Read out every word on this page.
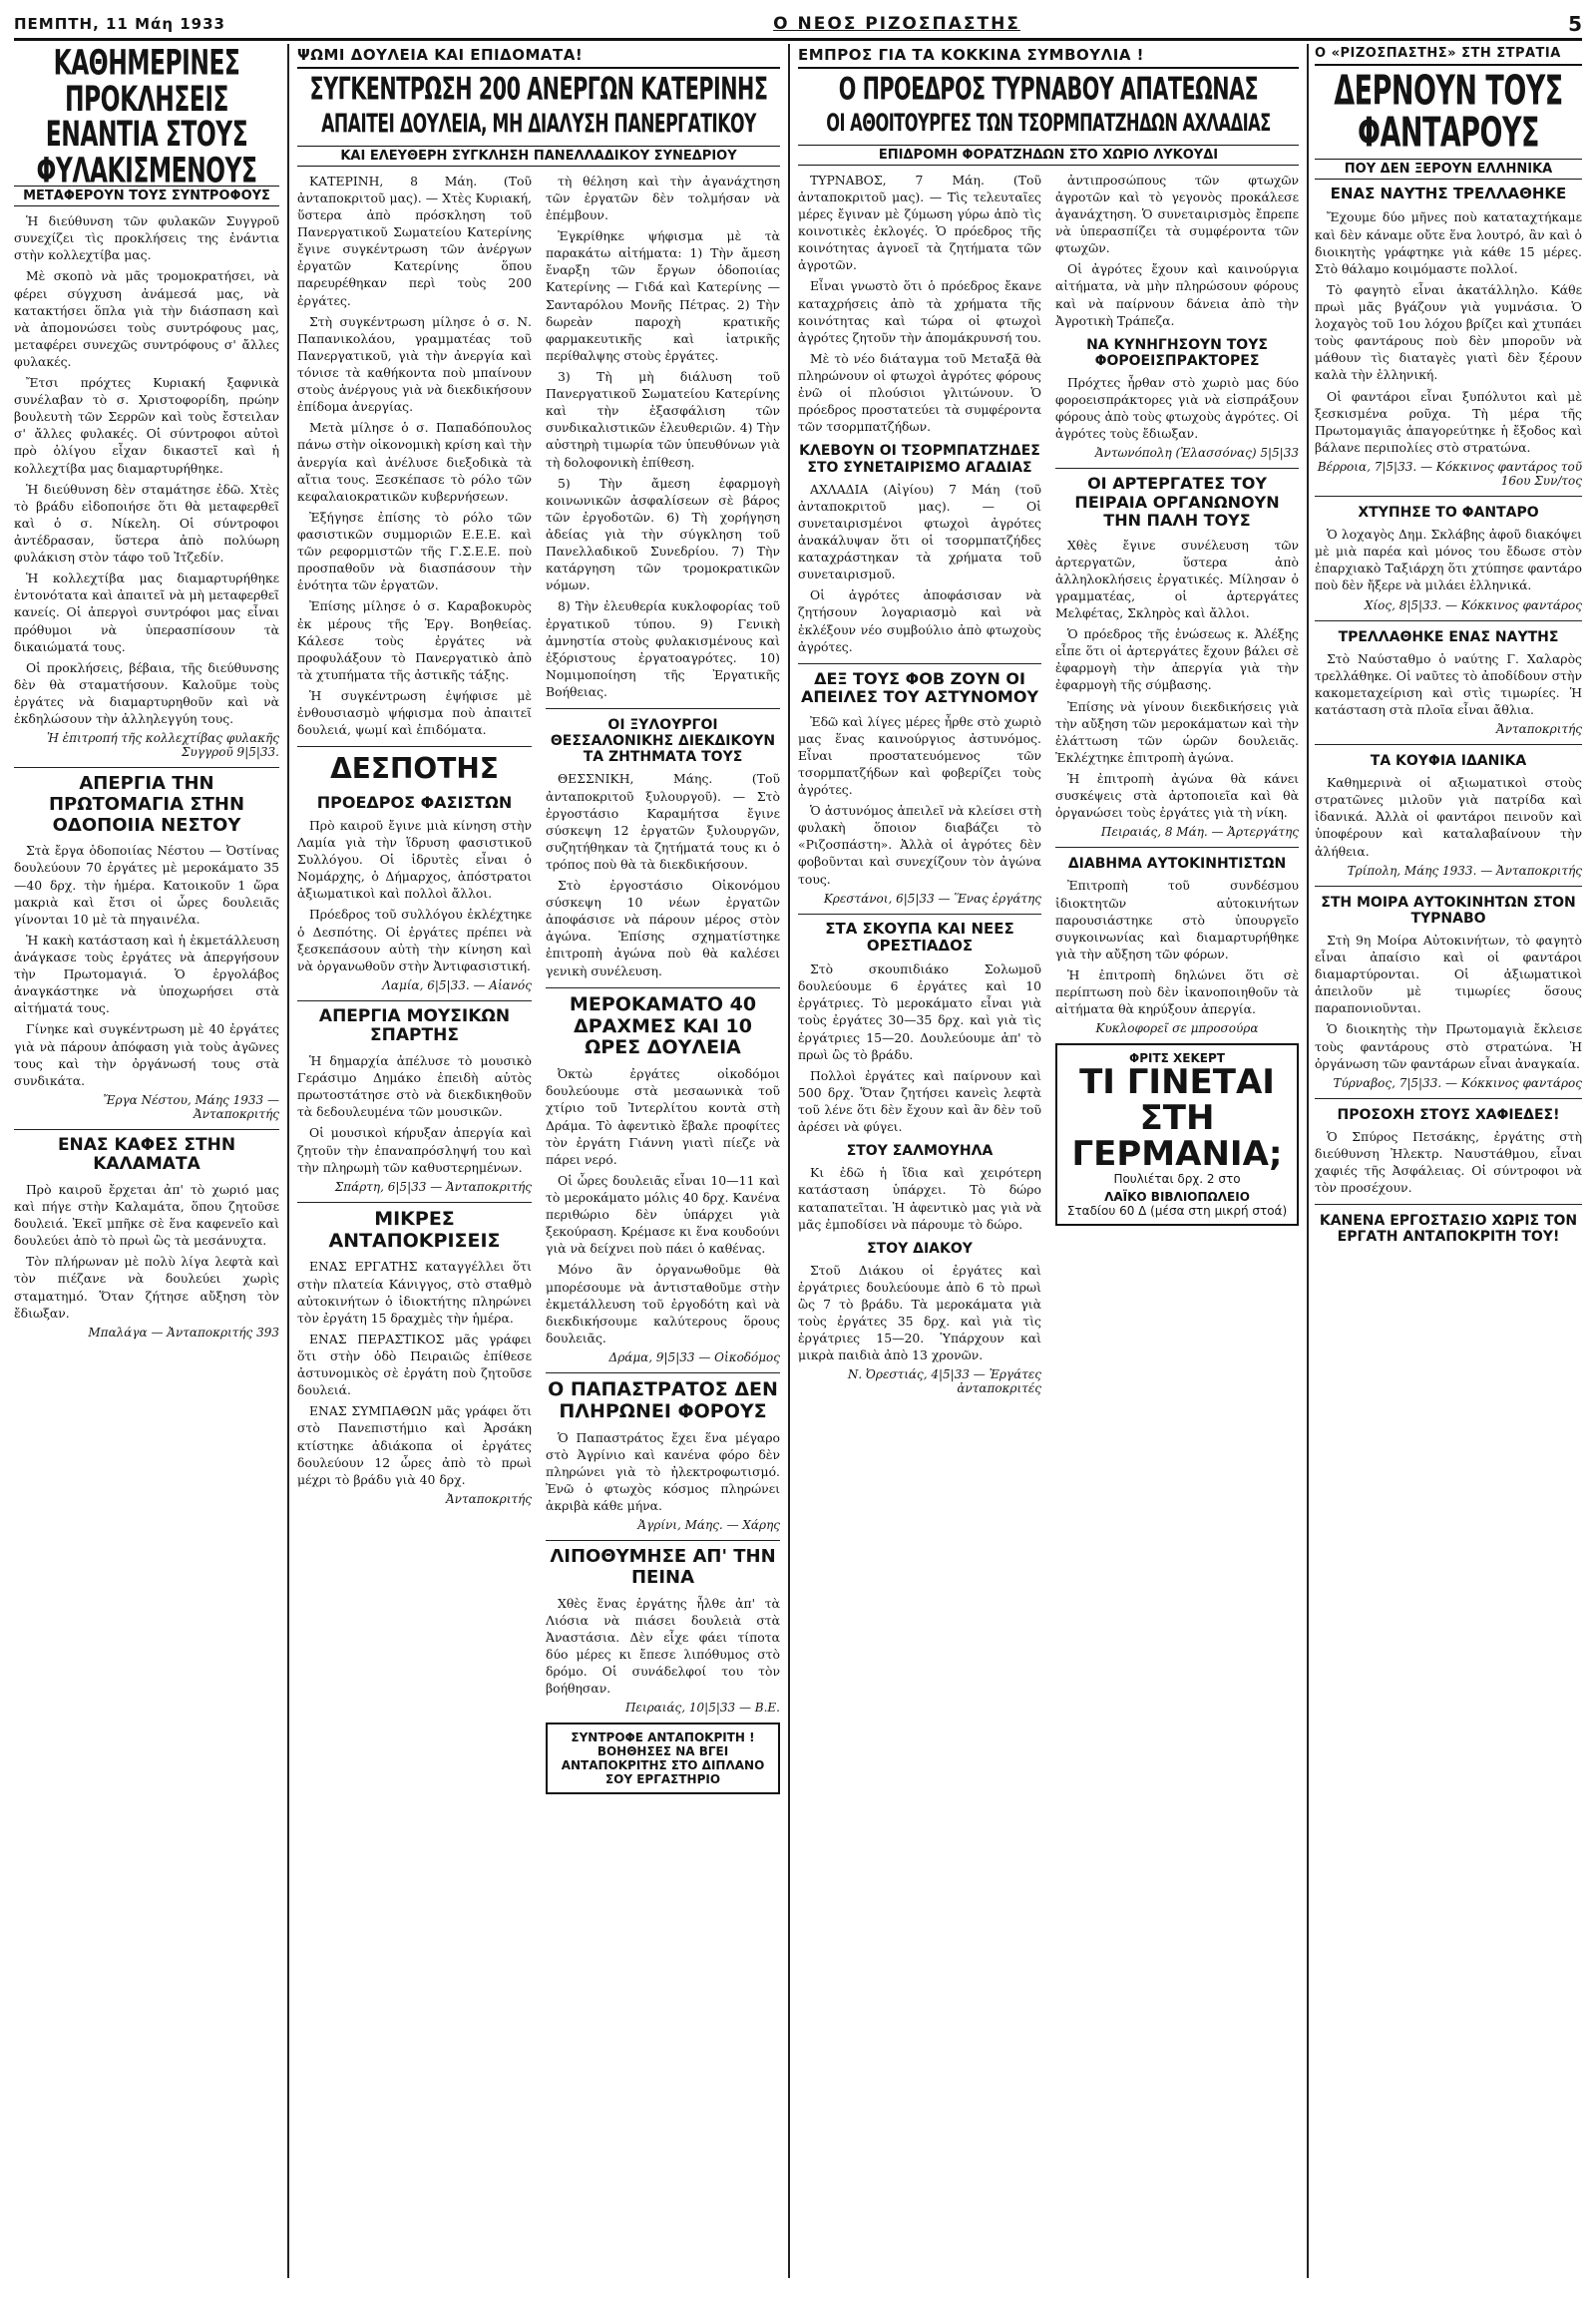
ΠΕΜΠΤΗ, 11 Μάη 1933	Ο ΝΕΟΣ ΡΙΖΟΣΠΑΣΤΗΣ	5
ΚΑΘΗΜΕΡΙΝΕΣ ΠΡΟΚΛΗΣΕΙΣ ΕΝΑΝΤΙΑ ΣΤΟΥΣ ΦΥΛΑΚΙΣΜΕΝΟΥΣ
ΜΕΤΑΦΕΡΟΥΝ ΤΟΥΣ ΣΥΝΤΡΟΦΟΥΣ

Ἡ διεύθυνση τῶν φυλακῶν Συγγροῦ συνεχίζει τὶς προκλήσεις της ἐνάντια στὴν κολλεχτίβα μας.

Μὲ σκοπὸ νὰ μᾶς τρομοκρατήσει, νὰ φέρει σύγχυση ἀνάμεσά μας, νὰ κατακτήσει ὅπλα γιὰ τὴν διάσπαση καὶ νὰ ἀπομονώσει τοὺς συντρόφους μας, μεταφέρει συνεχῶς συντρόφους σ' ἄλλες φυλακές.

Ἔτσι πρόχτες Κυριακή ξαφνικὰ συνέλαβαν τὸ σ. Χριστοφορίδη, πρώην βουλευτὴ τῶν Σερρῶν καὶ τοὺς ἔστειλαν σ' ἄλλες φυλακές. Οἱ σύντροφοι αὐτοὶ πρὸ ὀλίγου εἶχαν δικαστεῖ καὶ ἡ κολλεχτίβα μας διαμαρτυρήθηκε.

Ἡ διεύθυνση δὲν σταμάτησε ἐδῶ. Χτὲς τὸ βράδυ εἰδοποιήσε ὅτι θὰ μεταφερθεῖ καὶ ὁ σ. Νίκελη. Οἱ σύντροφοι ἀντέδρασαν, ὕστερα ἀπὸ πολύωρη φυλάκιση στὸν τάφο τοῦ Ἰτζεδίν.

Ἡ κολλεχτίβα μας διαμαρτυρήθηκε ἐντονότατα καὶ ἀπαιτεῖ νὰ μὴ μεταφερθεῖ κανείς. Οἱ ἀπεργοὶ συντρόφοι μας εἶναι πρόθυμοι νὰ ὑπερασπίσουν τὰ δικαιώματά τους.

Οἱ προκλήσεις, βέβαια, τῆς διεύθυνσης δὲν θὰ σταματήσουν. Καλοῦμε τοὺς ἐργάτες νὰ διαμαρτυρηθοῦν καὶ νὰ ἐκδηλώσουν τὴν ἀλληλεγγύη τους.

Ἡ ἐπιτροπή τῆς κολλεχτίβας φυλακῆς Συγγροῦ 9|5|33.
ΑΠΕΡΓΙΑ ΤΗΝ ΠΡΩΤΟΜΑΓΙΑ ΣΤΗΝ ΟΔΟΠΟΙΙΑ ΝΕΣΤΟΥ

Στὰ ἔργα ὁδοποιίας Νέστου — Ὀστίνας δουλεύουν 70 ἐργάτες μὲ μεροκάματο 35—40 δρχ. τὴν ἡμέρα. Κατοικοῦν 1 ὥρα μακριὰ καὶ ἔτσι οἱ ὧρες δουλειᾶς γίνονται 10 μὲ τὰ πηγαινέλα.

Ἡ κακὴ κατάσταση καὶ ἡ ἐκμετάλλευση ἀνάγκασε τοὺς ἐργάτες νὰ ἀπεργήσουν τὴν Πρωτομαγιά. Ὁ ἐργολάβος ἀναγκάστηκε νὰ ὑποχωρήσει στὰ αἰτήματά τους.

Γίνηκε καὶ συγκέντρωση μὲ 40 ἐργάτες γιὰ νὰ πάρουν ἀπόφαση γιὰ τοὺς ἀγῶνες τους καὶ τὴν ὀργάνωσή τους στὰ συνδικάτα.

Ἔργα Νέστου, Μάης 1933 — Ἀνταποκριτής
ΕΝΑΣ ΚΑΦΕΣ ΣΤΗΝ ΚΑΛΑΜΑΤΑ

Πρὸ καιροῦ ἔρχεται ἀπ' τὸ χωριό μας καὶ πήγε στὴν Καλαμάτα, ὅπου ζητοῦσε δουλειά. Ἐκεῖ μπῆκε σὲ ἕνα καφενεῖο καὶ δουλεύει ἀπὸ τὸ πρωὶ ὣς τὰ μεσάνυχτα.

Τὸν πλήρωναν μὲ πολὺ λίγα λεφτὰ καὶ τὸν πιέζανε νὰ δουλεύει χωρὶς σταματημό. Ὅταν ζήτησε αὔξηση τὸν ἔδιωξαν.

Μπαλάγα — Ἀνταποκριτής 393
ΨΩΜΙ ΔΟΥΛΕΙΑ ΚΑΙ ΕΠΙΔΟΜΑΤΑ!
ΣΥΓΚΕΝΤΡΩΣΗ 200 ΑΝΕΡΓΩΝ ΚΑΤΕΡΙΝΗΣ
ΑΠΑΙΤΕΙ ΔΟΥΛΕΙΑ, ΜΗ ΔΙΑΛΥΣΗ ΠΑΝΕΡΓΑΤΙΚΟΥ
ΚΑΙ ΕΛΕΥΘΕΡΗ ΣΥΓΚΛΗΣΗ ΠΑΝΕΛΛΑΔΙΚΟΥ ΣΥΝΕΔΡΙΟΥ

ΚΑΤΕΡΙΝΗ, 8 Μάη. (Τοῦ ἀνταποκριτοῦ μας). — Χτὲς Κυριακή, ὕστερα ἀπὸ πρόσκληση τοῦ Πανεργατικοῦ Σωματείου Κατερίνης ἔγινε συγκέντρωση τῶν ἀνέργων ἐργατῶν Κατερίνης ὅπου παρευρέθηκαν περὶ τοὺς 200 ἐργάτες.

Στὴ συγκέντρωση μίλησε ὁ σ. Ν. Παπανικολάου, γραμματέας τοῦ Πανεργατικοῦ, γιὰ τὴν ἀνεργία καὶ τόνισε τὰ καθήκοντα ποὺ μπαίνουν στοὺς ἀνέργους γιὰ νὰ διεκδικήσουν ἐπίδομα ἀνεργίας.

Μετὰ μίλησε ὁ σ. Παπαδόπουλος πάνω στὴν οἰκονομικὴ κρίση καὶ τὴν ἀνεργία καὶ ἀνέλυσε διεξοδικὰ τὰ αἴτια τους. Ξεσκέπασε τὸ ρόλο τῶν κεφαλαιοκρατικῶν κυβερνήσεων.

Ἐξήγησε ἐπίσης τὸ ρόλο τῶν φασιστικῶν συμμοριῶν Ε.Ε.Ε. καὶ τῶν ρεφορμιστῶν τῆς Γ.Σ.Ε.Ε. ποὺ προσπαθοῦν νὰ διασπάσουν τὴν ἑνότητα τῶν ἐργατῶν.

Ἐπίσης μίλησε ὁ σ. Καραβοκυρὸς ἐκ μέρους τῆς Ἐργ. Βοηθείας. Κάλεσε τοὺς ἐργάτες νὰ προφυλάξουν τὸ Πανεργατικὸ ἀπὸ τὰ χτυπήματα τῆς ἀστικῆς τάξης.

Ἡ συγκέντρωση ἐψήφισε μὲ ἐνθουσιασμὸ ψήφισμα ποὺ ἀπαιτεῖ δουλειά, ψωμί καὶ ἐπιδόματα.

ΔΕΣΠΟΤΗΣ
ΠΡΟΕΔΡΟΣ ΦΑΣΙΣΤΩΝ

Πρὸ καιροῦ ἔγινε μιὰ κίνηση στὴν Λαμία γιὰ τὴν ἵδρυση φασιστικοῦ Συλλόγου. Οἱ ἱδρυτὲς εἶναι ὁ Νομάρχης, ὁ Δήμαρχος, ἀπόστρατοι ἀξιωματικοὶ καὶ πολλοὶ ἄλλοι.

Πρόεδρος τοῦ συλλόγου ἐκλέχτηκε ὁ Δεσπότης. Οἱ ἐργάτες πρέπει νὰ ξεσκεπάσουν αὐτὴ τὴν κίνηση καὶ νὰ ὀργανωθοῦν στὴν Ἀντιφασιστική.

Λαμία, 6|5|33. — Αἰανός
ΑΠΕΡΓΙΑ ΜΟΥΣΙΚΩΝ ΣΠΑΡΤΗΣ

Ἡ δημαρχία ἀπέλυσε τὸ μουσικὸ Γεράσιμο Δημάκο ἐπειδὴ αὐτὸς πρωτοστάτησε στὸ νὰ διεκδικηθοῦν τὰ δεδουλευμένα τῶν μουσικῶν.

Οἱ μουσικοὶ κήρυξαν ἀπεργία καὶ ζητοῦν τὴν ἐπαναπρόσληψή του καὶ τὴν πληρωμὴ τῶν καθυστερημένων.

Σπάρτη, 6|5|33 — Ἀνταποκριτής
ΜΙΚΡΕΣ ΑΝΤΑΠΟΚΡΙΣΕΙΣ

ΕΝΑΣ ΕΡΓΑΤΗΣ καταγγέλλει ὅτι στὴν πλατεία Κάνιγγος, στὸ σταθμὸ αὐτοκινήτων ὁ ἰδιοκτήτης πληρώνει τὸν ἐργάτη 15 δραχμὲς τὴν ἡμέρα.

ΕΝΑΣ ΠΕΡΑΣΤΙΚΟΣ μᾶς γράφει ὅτι στὴν ὁδὸ Πειραιῶς ἐπίθεσε ἀστυνομικὸς σὲ ἐργάτη ποὺ ζητοῦσε δουλειά.

ΕΝΑΣ ΣΥΜΠΑΘΩΝ μᾶς γράφει ὅτι στὸ Πανεπιστήμιο καὶ Ἀρσάκη κτίστηκε ἀδιάκοπα οἱ ἐργάτες δουλεύουν 12 ὧρες ἀπὸ τὸ πρωὶ μέχρι τὸ βράδυ γιὰ 40 δρχ.

Ἀνταποκριτής

τὴ θέληση καὶ τὴν ἀγανάχτηση τῶν ἐργατῶν δὲν τολμήσαν νὰ ἐπέμβουν.

Ἐγκρίθηκε ψήφισμα μὲ τὰ παρακάτω αἰτήματα: 1) Τὴν ἄμεση ἔναρξη τῶν ἔργων ὁδοποιίας Κατερίνης — Γιδά καὶ Κατερίνης — Σανταρόλου Μονῆς Πέτρας. 2) Τὴν δωρεὰν παροχὴ κρατικῆς φαρμακευτικῆς καὶ ἰατρικῆς περίθαλψης στοὺς ἐργάτες.

3) Τὴ μὴ διάλυση τοῦ Πανεργατικοῦ Σωματείου Κατερίνης καὶ τὴν ἐξασφάλιση τῶν συνδικαλιστικῶν ἐλευθεριῶν. 4) Τὴν αὐστηρὴ τιμωρία τῶν ὑπευθύνων γιὰ τὴ δολοφονικὴ ἐπίθεση.

5) Τὴν ἄμεση ἐφαρμογὴ κοινωνικῶν ἀσφαλίσεων σὲ βάρος τῶν ἐργοδοτῶν. 6) Τὴ χορήγηση ἀδείας γιὰ τὴν σύγκληση τοῦ Πανελλαδικοῦ Συνεδρίου. 7) Τὴν κατάργηση τῶν τρομοκρατικῶν νόμων.

8) Τὴν ἐλευθερία κυκλοφορίας τοῦ ἐργατικοῦ τύπου. 9) Γενικὴ ἀμνηστία στοὺς φυλακισμένους καὶ ἐξόριστους ἐργατοαγρότες. 10) Νομιμοποίηση τῆς Ἐργατικῆς Βοήθειας.

ΟΙ ΞΥΛΟΥΡΓΟΙ ΘΕΣΣΑΛΟΝΙΚΗΣ ΔΙΕΚΔΙΚΟΥΝ ΤΑ ΖΗΤΗΜΑΤΑ ΤΟΥΣ

ΘΕΣΣΝΙΚΗ, Μάης. (Τοῦ ἀνταποκριτοῦ ξυλουργοῦ). — Στὸ ἐργοστάσιο Καραμήτσα ἔγινε σύσκεψη 12 ἐργατῶν ξυλουργῶν, συζητήθηκαν τὰ ζητήματά τους κι ὁ τρόπος ποὺ θὰ τὰ διεκδικήσουν.

Στὸ ἐργοστάσιο Οἰκονόμου σύσκεψη 10 νέων ἐργατῶν ἀποφάσισε νὰ πάρουν μέρος στὸν ἀγώνα. Ἐπίσης σχηματίστηκε ἐπιτροπὴ ἀγώνα ποὺ θὰ καλέσει γενικὴ συνέλευση.

ΜΕΡΟΚΑΜΑΤΟ 40 ΔΡΑΧΜΕΣ ΚΑΙ 10 ΩΡΕΣ ΔΟΥΛΕΙΑ

Ὀκτὼ ἐργάτες οἰκοδόμοι δουλεύουμε στὰ μεσαωνικὰ τοῦ χτίριο τοῦ Ἰντερλίτου κοντὰ στὴ Δράμα. Τὸ ἀφεντικὸ ἔβαλε προφίτες τὸν ἐργάτη Γιάννη γιατὶ πίεζε νὰ πάρει νερό.

Οἱ ὧρες δουλειᾶς εἶναι 10—11 καὶ τὸ μεροκάματο μόλις 40 δρχ. Κανένα περιθώριο δὲν ὑπάρχει γιὰ ξεκούραση. Κρέμασε κι ἕνα κουδούνι γιὰ νὰ δείχνει ποὺ πάει ὁ καθένας.

Μόνο ἂν ὀργανωθοῦμε θὰ μπορέσουμε νὰ ἀντισταθοῦμε στὴν ἐκμετάλλευση τοῦ ἐργοδότη καὶ νὰ διεκδικήσουμε καλύτερους ὅρους δουλειᾶς.

Δράμα, 9|5|33 — Οἰκοδόμος
Ο ΠΑΠΑΣΤΡΑΤΟΣ ΔΕΝ ΠΛΗΡΩΝΕΙ ΦΟΡΟΥΣ

Ὁ Παπαστράτος ἔχει ἕνα μέγαρο στὸ Ἀγρίνιο καὶ κανένα φόρο δὲν πληρώνει γιὰ τὸ ἠλεκτροφωτισμό. Ἐνῶ ὁ φτωχὸς κόσμος πληρώνει ἀκριβὰ κάθε μήνα.

Ἀγρίνι, Μάης. — Χάρης
ΛΙΠΟΘΥΜΗΣΕ ΑΠ' ΤΗΝ ΠΕΙΝΑ

Χθὲς ἕνας ἐργάτης ἦλθε ἀπ' τὰ Λιόσια νὰ πιάσει δουλειὰ στὰ Ἀναστάσια. Δὲν εἶχε φάει τίποτα δύο μέρες κι ἔπεσε λιπόθυμος στὸ δρόμο. Οἱ συνάδελφοί του τὸν βοήθησαν.

Πειραιάς, 10|5|33 — Β.Ε.
ΣΥΝΤΡΟΦΕ ΑΝΤΑΠΟΚΡΙΤΗ ! ΒΟΗΘΗΣΕΣ ΝΑ ΒΓΕΙ ΑΝΤΑΠΟΚΡΙΤΗΣ ΣΤΟ ΔΙΠΛΑΝΟ ΣΟΥ ΕΡΓΑΣΤΗΡΙΟ
ΕΜΠΡΟΣ ΓΙΑ ΤΑ ΚΟΚΚΙΝΑ ΣΥΜΒΟΥΛΙΑ !
Ο ΠΡΟΕΔΡΟΣ ΤΥΡΝΑΒΟΥ ΑΠΑΤΕΩΝΑΣ
ΟΙ ΑΘΟΙΤΟΥΡΓΕΣ ΤΩΝ ΤΣΟΡΜΠΑΤΖΗΔΩΝ ΑΧΛΑΔΙΑΣ
ΕΠΙΔΡΟΜΗ ΦΟΡΑΤΖΗΔΩΝ ΣΤΟ ΧΩΡΙΟ ΛΥΚΟΥΔΙ

ΤΥΡΝΑΒΟΣ, 7 Μάη. (Τοῦ ἀνταποκριτοῦ μας). — Τὶς τελευταῖες μέρες ἔγιναν μὲ ζύμωση γύρω ἀπὸ τὶς κοινοτικὲς ἐκλογές. Ὁ πρόεδρος τῆς κοινότητας ἀγνοεῖ τὰ ζητήματα τῶν ἀγροτῶν.

Εἶναι γνωστὸ ὅτι ὁ πρόεδρος ἔκανε καταχρήσεις ἀπὸ τὰ χρήματα τῆς κοινότητας καὶ τώρα οἱ φτωχοὶ ἀγρότες ζητοῦν τὴν ἀπομάκρυνσή του.

Μὲ τὸ νέο διάταγμα τοῦ Μεταξᾶ θὰ πληρώνουν οἱ φτωχοὶ ἀγρότες φόρους ἐνῶ οἱ πλούσιοι γλιτώνουν. Ὁ πρόεδρος προστατεύει τὰ συμφέροντα τῶν τσορμπατζήδων.

ΚΛΕΒΟΥΝ ΟΙ ΤΣΟΡΜΠΑΤΖΗΔΕΣ ΣΤΟ ΣΥΝΕΤΑΙΡΙΣΜΟ ΑΓΑΔΙΑΣ

ΑΧΛΑΔΙΑ (Αἰγίου) 7 Μάη (τοῦ ἀνταποκριτοῦ μας). — Οἱ συνεταιρισμένοι φτωχοὶ ἀγρότες ἀνακάλυψαν ὅτι οἱ τσορμπατζήδες καταχράστηκαν τὰ χρήματα τοῦ συνεταιρισμοῦ.

Οἱ ἀγρότες ἀποφάσισαν νὰ ζητήσουν λογαριασμὸ καὶ νὰ ἐκλέξουν νέο συμβούλιο ἀπὸ φτωχοὺς ἀγρότες.

ΔΕΞ ΤΟΥΣ ΦΟΒ ΖΟΥΝ ΟΙ ΑΠΕΙΛΕΣ ΤΟΥ ΑΣΤΥΝΟΜΟΥ

Ἐδῶ καὶ λίγες μέρες ἦρθε στὸ χωριὸ μας ἕνας καινούργιος ἀστυνόμος. Εἶναι προστατευόμενος τῶν τσορμπατζήδων καὶ φοβερίζει τοὺς ἀγρότες.

Ὁ ἀστυνόμος ἀπειλεῖ νὰ κλείσει στὴ φυλακὴ ὅποιον διαβάζει τὸ «Ριζοσπάστη». Ἀλλὰ οἱ ἀγρότες δὲν φοβοῦνται καὶ συνεχίζουν τὸν ἀγώνα τους.

Κρεστάνοι, 6|5|33 — Ἕνας ἐργάτης
ΣΤΑ ΣΚΟΥΠΑ ΚΑΙ ΝΕΕΣ ΟΡΕΣΤΙΑΔΟΣ

Στὸ σκουπιδιάκο Σολωμοῦ δουλεύουμε 6 ἐργάτες καὶ 10 ἐργάτριες. Τὸ μεροκάματο εἶναι γιὰ τοὺς ἐργάτες 30—35 δρχ. καὶ γιὰ τὶς ἐργάτριες 15—20. Δουλεύουμε ἀπ' τὸ πρωὶ ὣς τὸ βράδυ.

Πολλοὶ ἐργάτες καὶ παίρνουν καὶ 500 δρχ. Ὅταν ζητήσει κανεὶς λεφτὰ τοῦ λένε ὅτι δὲν ἔχουν καὶ ἂν δὲν τοῦ ἀρέσει νὰ φύγει.

ΣΤΟΥ ΣΑΛΜΟΥΗΛΑ

Κι ἐδῶ ἡ ἴδια καὶ χειρότερη κατάσταση ὑπάρχει. Τὸ δώρο καταπατεῖται. Ἡ ἀφεντικὸ μας γιὰ νὰ μᾶς ἐμποδίσει νὰ πάρουμε τὸ δώρο.

ΣΤΟΥ ΔΙΑΚΟΥ

Στοῦ Διάκου οἱ ἐργάτες καὶ ἐργάτριες δουλεύουμε ἀπὸ 6 τὸ πρωὶ ὣς 7 τὸ βράδυ. Τὰ μεροκάματα γιὰ τοὺς ἐργάτες 35 δρχ. καὶ γιὰ τὶς ἐργάτριες 15—20. Ὑπάρχουν καὶ μικρὰ παιδιὰ ἀπὸ 13 χρονῶν.

Ν. Ὀρεστιάς, 4|5|33 — Ἐργάτες ἀνταποκριτές

ἀντιπροσώπους τῶν φτωχῶν ἀγροτῶν καὶ τὸ γεγονὸς προκάλεσε ἀγανάχτηση. Ὁ συνεταιρισμὸς ἔπρεπε νὰ ὑπερασπίζει τὰ συμφέροντα τῶν φτωχῶν.

Οἱ ἀγρότες ἔχουν καὶ καινούργια αἰτήματα, νὰ μὴν πληρώσουν φόρους καὶ νὰ παίρνουν δάνεια ἀπὸ τὴν Ἀγροτικὴ Τράπεζα.

ΝΑ ΚΥΝΗΓΗΣΟΥΝ ΤΟΥΣ ΦΟΡΟΕΙΣΠΡΑΚΤΟΡΕΣ

Πρόχτες ἦρθαν στὸ χωριὸ μας δύο φοροεισπράκτορες γιὰ νὰ εἰσπράξουν φόρους ἀπὸ τοὺς φτωχοὺς ἀγρότες. Οἱ ἀγρότες τοὺς ἔδιωξαν.

Ἀντωνόπολη (Ἐλασσόνας) 5|5|33
ΟΙ ΑΡΤΕΡΓΑΤΕΣ ΤΟΥ ΠΕΙΡΑΙΑ ΟΡΓΑΝΩΝΟΥΝ ΤΗΝ ΠΑΛΗ ΤΟΥΣ

Χθὲς ἔγινε συνέλευση τῶν ἀρτεργατῶν, ὕστερα ἀπὸ ἀλληλοκλήσεις ἐργατικές. Μίλησαν ὁ γραμματέας, οἱ ἀρτεργάτες Μελφέτας, Σκληρὸς καὶ ἄλλοι.

Ὁ πρόεδρος τῆς ἑνώσεως κ. Ἀλέξης εἶπε ὅτι οἱ ἀρτεργάτες ἔχουν βάλει σὲ ἐφαρμογὴ τὴν ἀπεργία γιὰ τὴν ἐφαρμογὴ τῆς σύμβασης.

Ἐπίσης νὰ γίνουν διεκδικήσεις γιὰ τὴν αὔξηση τῶν μεροκάματων καὶ τὴν ἐλάττωση τῶν ὡρῶν δουλειᾶς. Ἐκλέχτηκε ἐπιτροπὴ ἀγώνα.

Ἡ ἐπιτροπὴ ἀγώνα θὰ κάνει συσκέψεις στὰ ἀρτοποιεῖα καὶ θὰ ὀργανώσει τοὺς ἐργάτες γιὰ τὴ νίκη.

Πειραιάς, 8 Μάη. — Ἀρτεργάτης
ΔΙΑΒΗΜΑ ΑΥΤΟΚΙΝΗΤΙΣΤΩΝ

Ἐπιτροπὴ τοῦ συνδέσμου ἰδιοκτητῶν αὐτοκινήτων παρουσιάστηκε στὸ ὑπουργεῖο συγκοινωνίας καὶ διαμαρτυρήθηκε γιὰ τὴν αὔξηση τῶν φόρων.

Ἡ ἐπιτροπὴ δηλώνει ὅτι σὲ περίπτωση ποὺ δὲν ἱκανοποιηθοῦν τὰ αἰτήματα θὰ κηρύξουν ἀπεργία.

Κυκλοφορεῖ σε μπροσούρα
ΦΡΙΤΣ ΧΕΚΕΡΤ
ΤΙ ΓΙΝΕΤΑΙ ΣΤΗ ΓΕΡΜΑΝΙΑ;
Πουλιέται δρχ. 2 στο
ΛΑΪΚΟ ΒΙΒΛΙΟΠΩΛΕΙΟ
Σταδίου 60 Δ (μέσα στη μικρή στοά)
Ο «ΡΙΖΟΣΠΑΣΤΗΣ» ΣΤΗ ΣΤΡΑΤΙΑ
ΔΕΡΝΟΥΝ ΤΟΥΣ ΦΑΝΤΑΡΟΥΣ
ΠΟΥ ΔΕΝ ΞΕΡΟΥΝ ΕΛΛΗΝΙΚΑ
ΕΝΑΣ ΝΑΥΤΗΣ ΤΡΕΛΛΑΘΗΚΕ

Ἔχουμε δύο μῆνες ποὺ καταταχτήκαμε καὶ δὲν κάναμε οὔτε ἕνα λουτρό, ἂν καὶ ὁ διοικητὴς γράφτηκε γιὰ κάθε 15 μέρες. Στὸ θάλαμο κοιμόμαστε πολλοί.

Τὸ φαγητὸ εἶναι ἀκατάλληλο. Κάθε πρωὶ μᾶς βγάζουν γιὰ γυμνάσια. Ὁ λοχαγὸς τοῦ 1ου λόχου βρίζει καὶ χτυπάει τοὺς φαντάρους ποὺ δὲν μποροῦν νὰ μάθουν τὶς διαταγὲς γιατὶ δὲν ξέρουν καλὰ τὴν ἑλληνική.

Οἱ φαντάροι εἶναι ξυπόλυτοι καὶ μὲ ξεσκισμένα ροῦχα. Τὴ μέρα τῆς Πρωτομαγιᾶς ἀπαγορεύτηκε ἡ ἔξοδος καὶ βάλανε περιπολίες στὸ στρατώνα.

Βέρροια, 7|5|33. — Κόκκινος φαντάρος τοῦ 16ου Συν/τος
ΧΤΥΠΗΣΕ ΤΟ ΦΑΝΤΑΡΟ

Ὁ λοχαγὸς Δημ. Σκλάβης ἀφοῦ διακόψει μὲ μιὰ παρέα καὶ μόνος του ἔδωσε στὸν ἐπαρχιακὸ Ταξιάρχη ὅτι χτύπησε φαντάρο ποὺ δὲν ἤξερε νὰ μιλάει ἑλληνικά.

Χίος, 8|5|33. — Κόκκινος φαντάρος
ΤΡΕΛΛΑΘΗΚΕ ΕΝΑΣ ΝΑΥΤΗΣ

Στὸ Ναύσταθμο ὁ ναύτης Γ. Χαλαρὸς τρελλάθηκε. Οἱ ναῦτες τὸ ἀποδίδουν στὴν κακομεταχείριση καὶ στὶς τιμωρίες. Ἡ κατάσταση στὰ πλοῖα εἶναι ἄθλια.

Ἀνταποκριτής
ΤΑ ΚΟΥΦΙΑ ΙΔΑΝΙΚΑ

Καθημερινὰ οἱ αξιωματικοὶ στοὺς στρατῶνες μιλοῦν γιὰ πατρίδα καὶ ἰδανικά. Ἀλλὰ οἱ φαντάροι πεινοῦν καὶ ὑποφέρουν καὶ καταλαβαίνουν τὴν ἀλήθεια.

Τρίπολη, Μάης 1933. — Ἀνταποκριτής
ΣΤΗ ΜΟΙΡΑ ΑΥΤΟΚΙΝΗΤΩΝ ΣΤΟΝ ΤΥΡΝΑΒΟ

Στὴ 9η Μοίρα Αὐτοκινήτων, τὸ φαγητὸ εἶναι ἀπαίσιο καὶ οἱ φαντάροι διαμαρτύρονται. Οἱ ἀξιωματικοὶ ἀπειλοῦν μὲ τιμωρίες ὅσους παραπονιοῦνται.

Ὁ διοικητὴς τὴν Πρωτομαγιὰ ἔκλεισε τοὺς φαντάρους στὸ στρατώνα. Ἡ ὀργάνωση τῶν φαντάρων εἶναι ἀναγκαία.

Τύρναβος, 7|5|33. — Κόκκινος φαντάρος
ΠΡΟΣΟΧΗ ΣΤΟΥΣ ΧΑΦΙΕΔΕΣ!

Ὁ Σπύρος Πετσάκης, ἐργάτης στὴ διεύθυνση Ἠλεκτρ. Ναυστάθμου, εἶναι χαφιές τῆς Ἀσφάλειας. Οἱ σύντροφοι νὰ τὸν προσέχουν.

ΚΑΝΕΝΑ ΕΡΓΟΣΤΑΣΙΟ ΧΩΡΙΣ ΤΟΝ ΕΡΓΑΤΗ ΑΝΤΑΠΟΚΡΙΤΗ ΤΟΥ!
